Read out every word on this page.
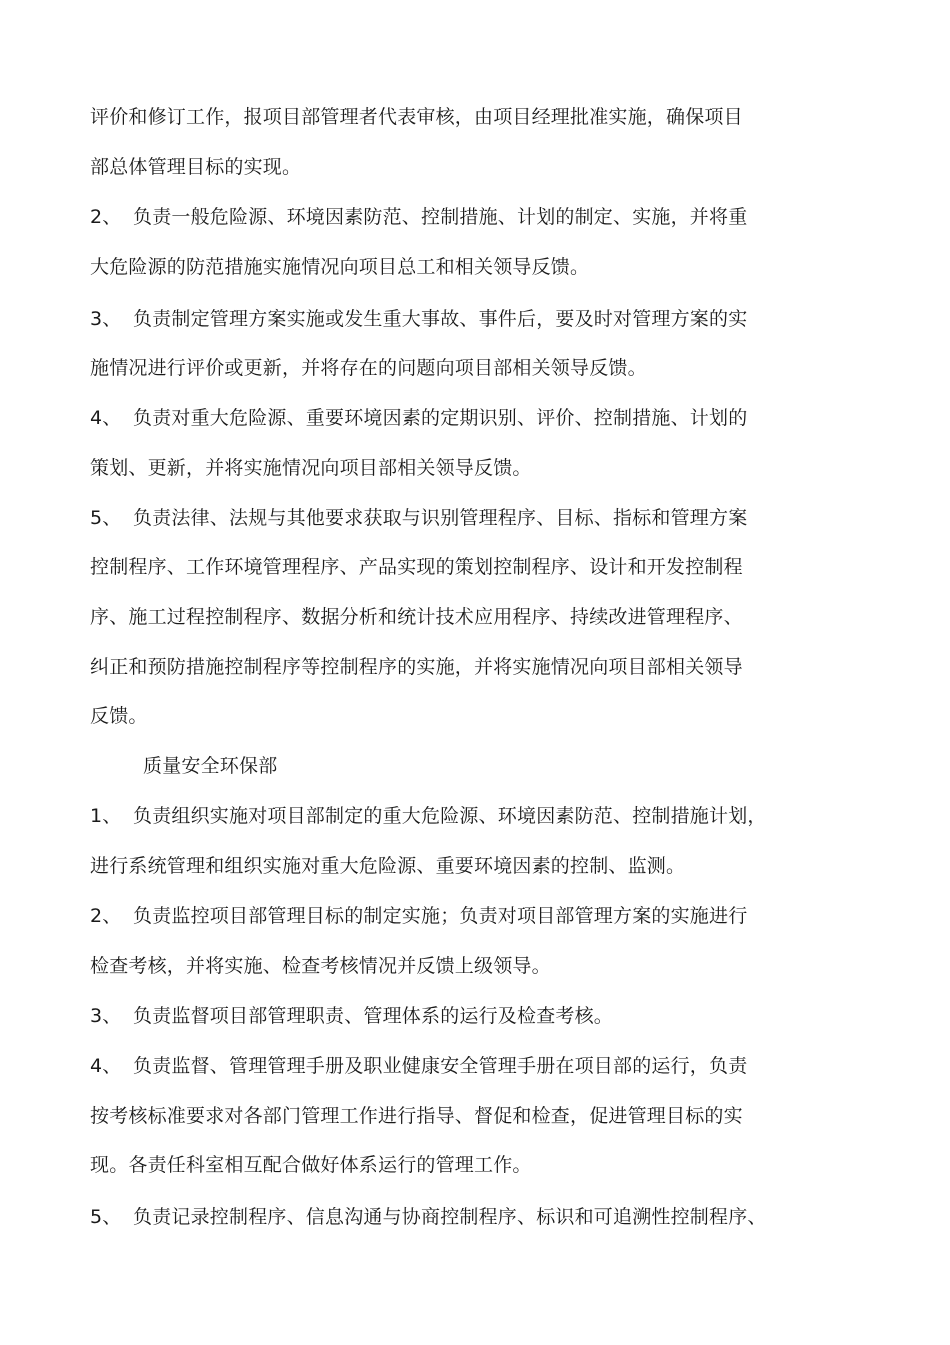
评价和修订工作，报项目部管理者代表审核，由项目经理批准实施，确保项目
部总体管理目标的实现。
2、 负责一般危险源、环境因素防范、控制措施、计划的制定、实施，并将重
大危险源的防范措施实施情况向项目总工和相关领导反馈。
3、 负责制定管理方案实施或发生重大事故、事件后，要及时对管理方案的实
施情况进行评价或更新，并将存在的问题向项目部相关领导反馈。
4、 负责对重大危险源、重要环境因素的定期识别、评价、控制措施、计划的
策划、更新，并将实施情况向项目部相关领导反馈。
5、 负责法律、法规与其他要求获取与识别管理程序、目标、指标和管理方案
控制程序、工作环境管理程序、产品实现的策划控制程序、设计和开发控制程
序、施工过程控制程序、数据分析和统计技术应用程序、持续改进管理程序、
纠正和预防措施控制程序等控制程序的实施，并将实施情况向项目部相关领导
反馈。
质量安全环保部
1、 负责组织实施对项目部制定的重大危险源、环境因素防范、控制措施计划，
进行系统管理和组织实施对重大危险源、重要环境因素的控制、监测。
2、 负责监控项目部管理目标的制定实施；负责对项目部管理方案的实施进行
检查考核，并将实施、检查考核情况并反馈上级领导。
3、 负责监督项目部管理职责、管理体系的运行及检查考核。
4、 负责监督、管理管理手册及职业健康安全管理手册在项目部的运行，负责
按考核标准要求对各部门管理工作进行指导、督促和检查，促进管理目标的实
现。各责任科室相互配合做好体系运行的管理工作。
5、 负责记录控制程序、信息沟通与协商控制程序、标识和可追溯性控制程序、
